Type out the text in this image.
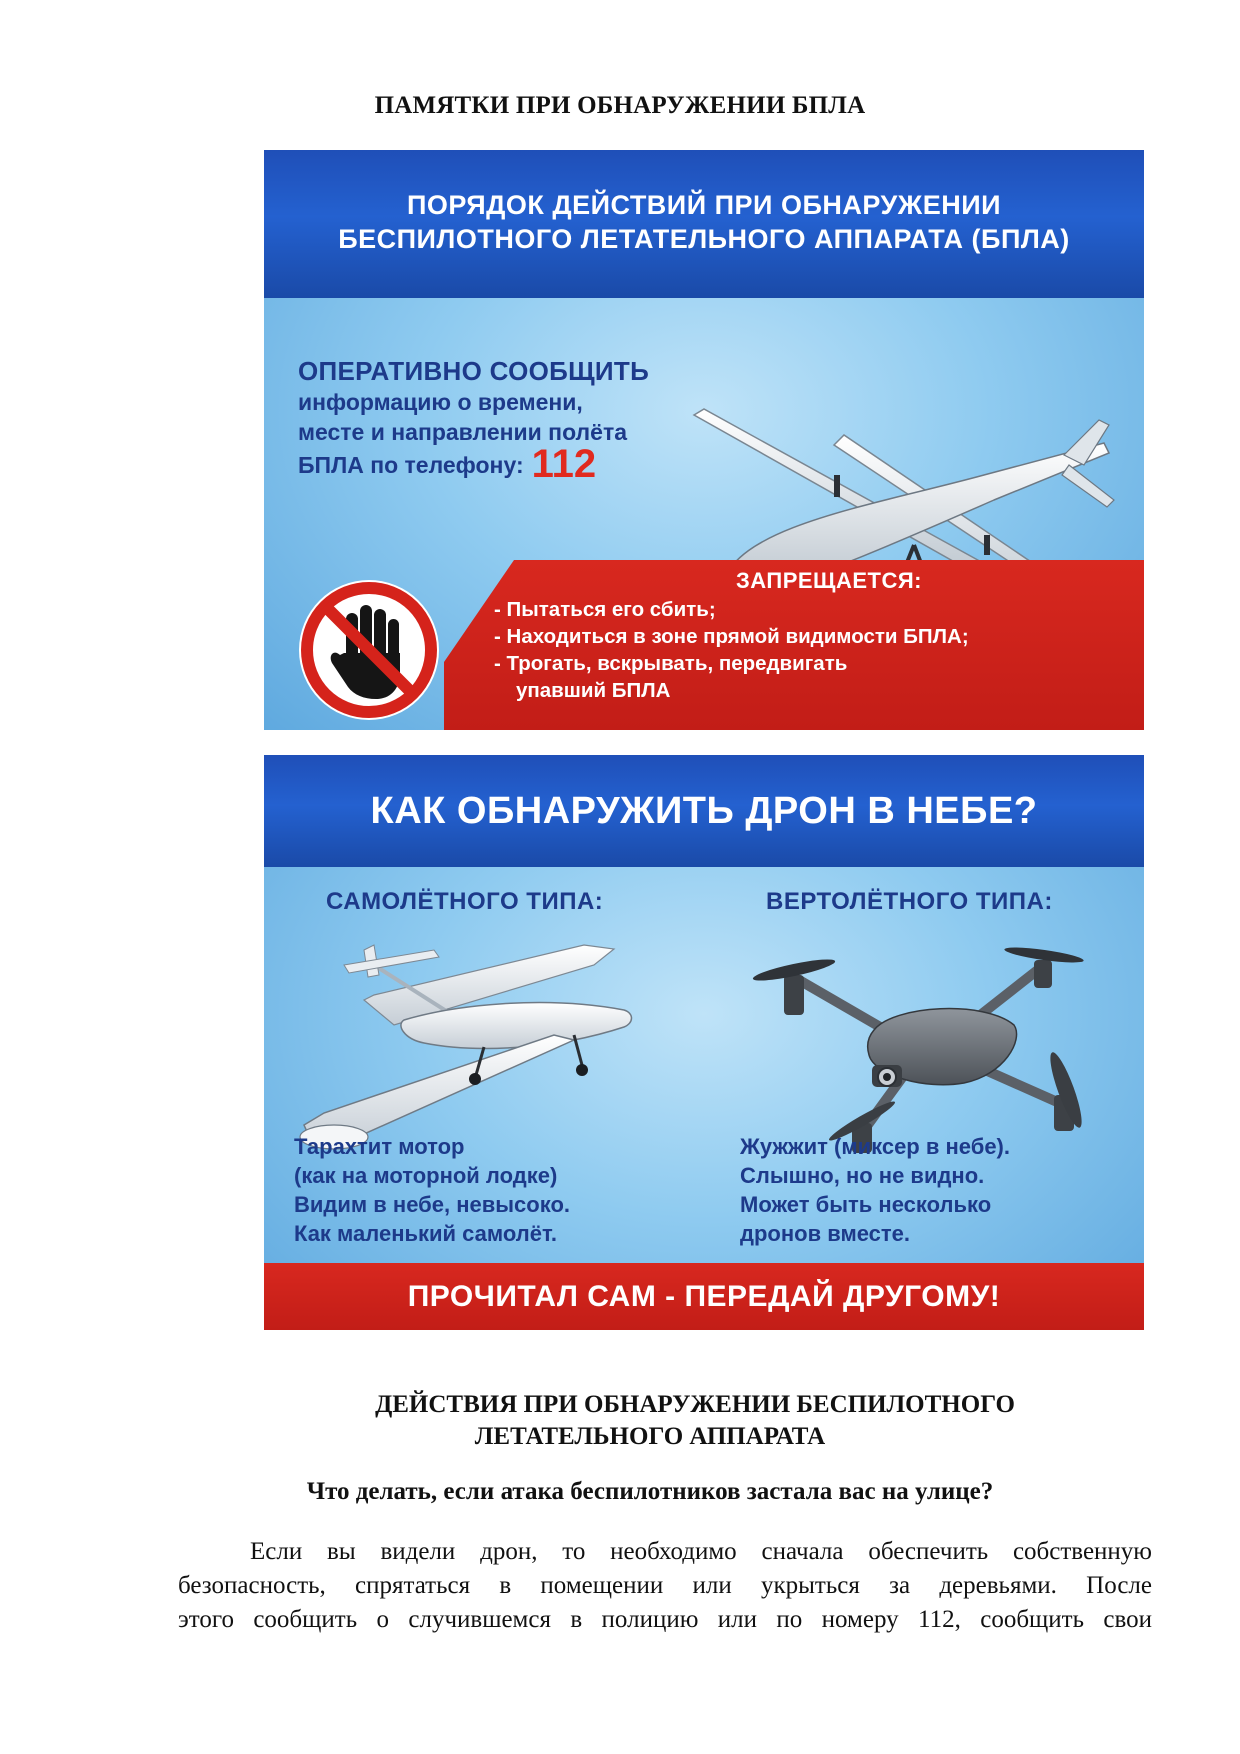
ПАМЯТКИ ПРИ ОБНАРУЖЕНИИ БПЛА
ПОРЯДОК ДЕЙСТВИЙ ПРИ ОБНАРУЖЕНИИ
БЕСПИЛОТНОГО ЛЕТАТЕЛЬНОГО АППАРАТА (БПЛА)
ОПЕРАТИВНО СООБЩИТЬ
информацию о времени,
месте и направлении полёта
БПЛА по телефону: 112
ЗАПРЕЩАЕТСЯ:
- Пытаться его сбить;
- Находиться в зоне прямой видимости БПЛА;
- Трогать, вскрывать, передвигать
упавший БПЛА
КАК ОБНАРУЖИТЬ ДРОН В НЕБЕ?
САМОЛЁТНОГО ТИПА:	ВЕРТОЛЁТНОГО ТИПА:
Тарахтит мотор
(как на моторной лодке)
Видим в небе, невысоко.
Как маленький самолёт.
Жужжит (миксер в небе).
Слышно, но не видно.
Может быть несколько
дронов вместе.
ПРОЧИТАЛ САМ - ПЕРЕДАЙ ДРУГОМУ!
ДЕЙСТВИЯ ПРИ ОБНАРУЖЕНИИ БЕСПИЛОТНОГО
ЛЕТАТЕЛЬНОГО АППАРАТА
Что делать, если атака беспилотников застала вас на улице?
Если вы видели дрон, то необходимо сначала обеспечить собственную
безопасность, спрятаться в помещении или укрыться за деревьями. После
этого сообщить о случившемся в полицию или по номеру 112, сообщить свои
